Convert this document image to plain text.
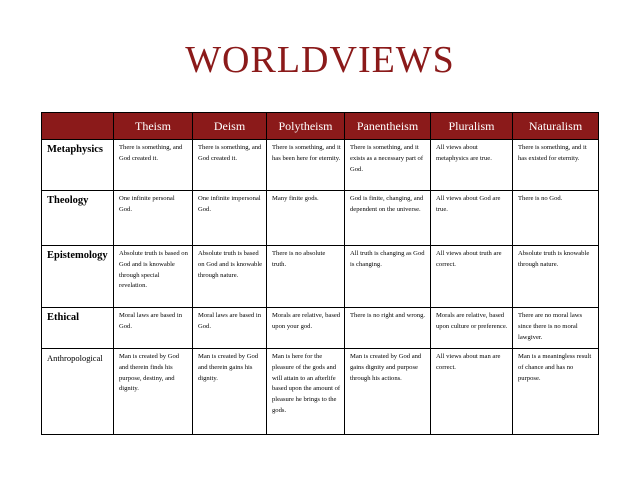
WORLDVIEWS
	Theism	Deism	Polytheism	Panentheism	Pluralism	Naturalism
Metaphysics	There is something, and God created it.	There is something, and God created it.	There is something, and it has been here for eternity.	There is something, and it exists as a necessary part of God.	All views about metaphysics are true.	There is something, and it has existed for eternity.
Theology	One infinite personal God.	One infinite impersonal God.	Many finite gods.	God is finite, changing, and dependent on the universe.	All views about God are true.	There is no God.
Epistemology	Absolute truth is based on God and is knowable through special revelation.	Absolute truth is based on God and is knowable through nature.	There is no absolute truth.	All truth is changing as God is changing.	All views about truth are correct.	Absolute truth is knowable through nature.
Ethical	Moral laws are based in God.	Moral laws are based in God.	Morals are relative, based upon your god.	There is no right and wrong.	Morals are relative, based upon culture or preference.	There are no moral laws since there is no moral lawgiver.
Anthropological	Man is created by God and therein finds his purpose, destiny, and dignity.	Man is created by God and therein gains his dignity.	Man is here for the pleasure of the gods and will attain to an afterlife based upon the amount of pleasure he brings to the gods.	Man is created by God and gains dignity and purpose through his actions.	All views about man are correct.	Man is a meaningless result of chance and has no purpose.
